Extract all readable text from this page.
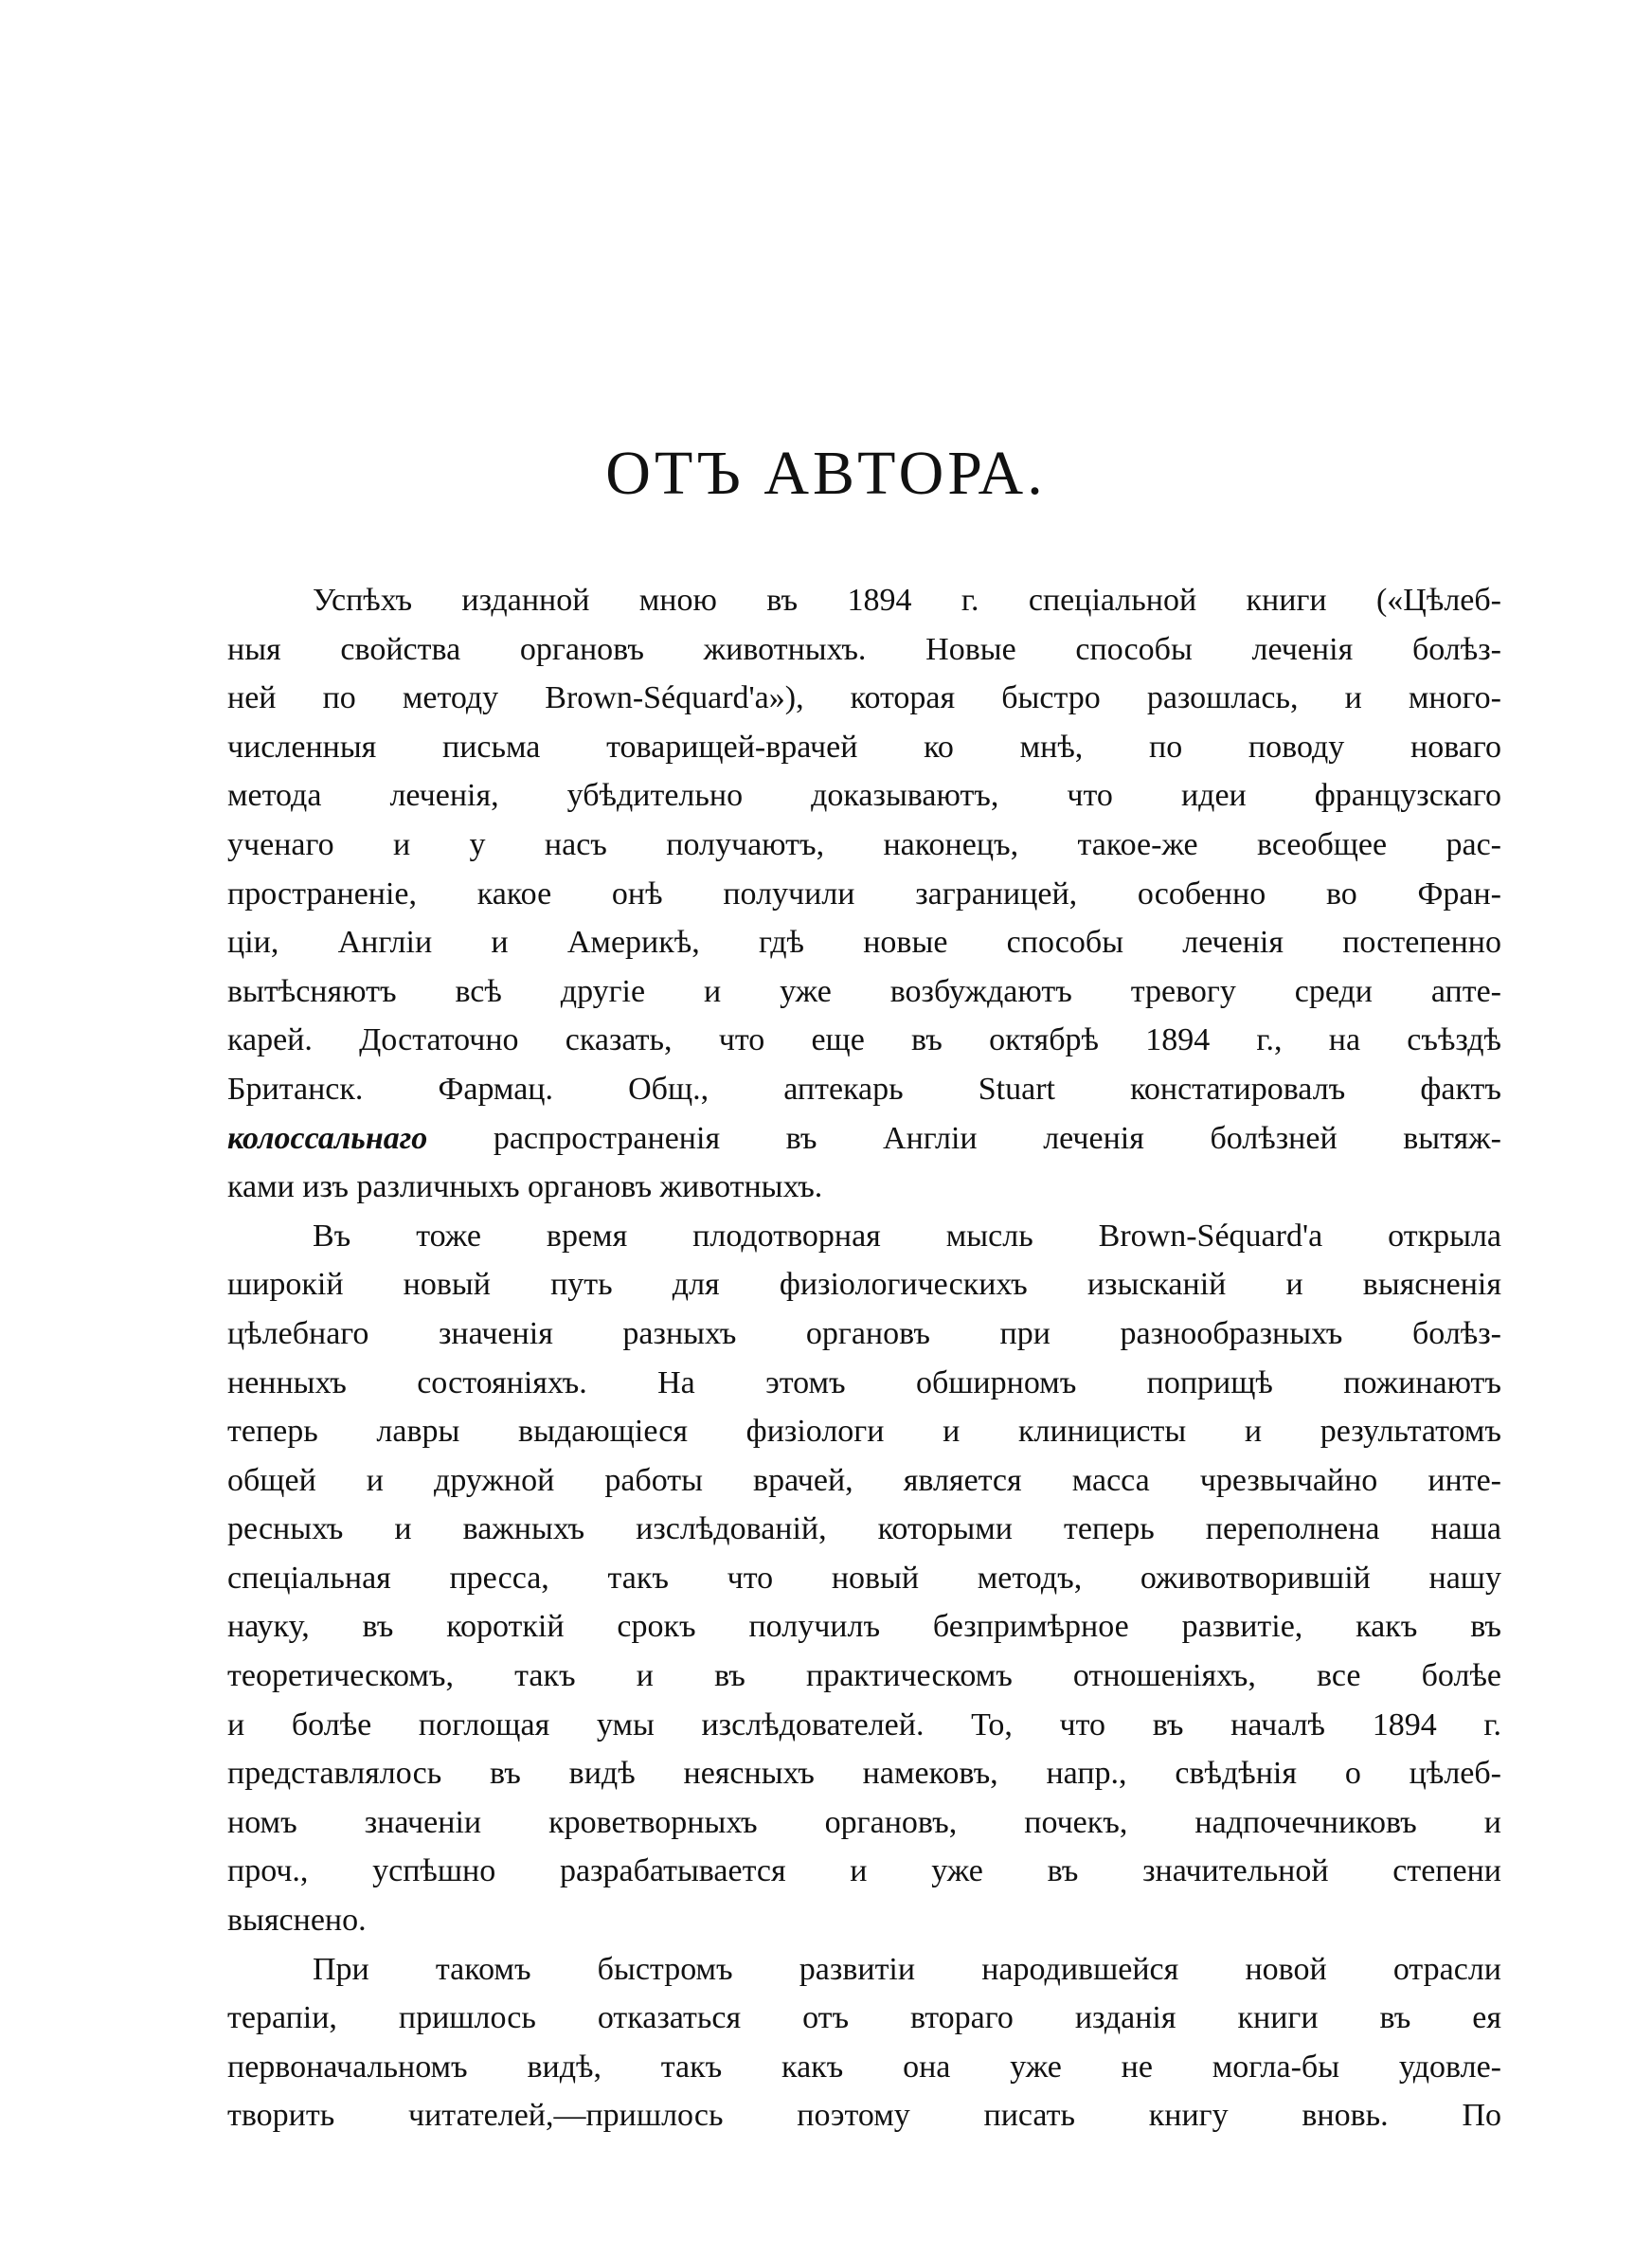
ОТЪ АВТОРА.
Успѣхъ изданной мною въ 1894 г. спеціальной книги («Цѣлеб-
ныя свойства органовъ животныхъ. Новые способы леченія болѣз-
ней по методу Brown-Séquard'a»), которая быстро разошлась, и много-
численныя письма товарищей-врачей ко мнѣ, по поводу новаго
метода леченія, убѣдительно доказываютъ, что идеи французскаго
ученаго и у насъ получаютъ, наконецъ, такое-же всеобщее рас-
пространеніе, какое онѣ получили заграницей, особенно во Фран-
ціи, Англіи и Америкѣ, гдѣ новые способы леченія постепенно
вытѣсняютъ всѣ другіе и уже возбуждаютъ тревогу среди апте-
карей. Достаточно сказать, что еще въ октябрѣ 1894 г., на съѣздѣ
Британск. Фармац. Общ., аптекарь Stuart констатировалъ фактъ
колоссальнаго распространенія въ Англіи леченія болѣзней вытяж-
ками изъ различныхъ органовъ животныхъ.
Въ тоже время плодотворная мысль Brown-Séquard'a открыла
широкій новый путь для физіологическихъ изысканій и выясненія
цѣлебнаго значенія разныхъ органовъ при разнообразныхъ болѣз-
ненныхъ состояніяхъ. На этомъ обширномъ поприщѣ пожинаютъ
теперь лавры выдающіеся физіологи и клиницисты и результатомъ
общей и дружной работы врачей, является масса чрезвычайно инте-
ресныхъ и важныхъ изслѣдованій, которыми теперь переполнена наша
спеціальная пресса, такъ что новый методъ, оживотворившій нашу
науку, въ короткій срокъ получилъ безпримѣрное развитіе, какъ въ
теоретическомъ, такъ и въ практическомъ отношеніяхъ, все болѣе
и болѣе поглощая умы изслѣдователей. То, что въ началѣ 1894 г.
представлялось въ видѣ неясныхъ намековъ, напр., свѣдѣнія о цѣлеб-
номъ значеніи кроветворныхъ органовъ, почекъ, надпочечниковъ и
проч., успѣшно разрабатывается и уже въ значительной степени
выяснено.
При такомъ быстромъ развитіи народившейся новой отрасли
терапіи, пришлось отказаться отъ втораго изданія книги въ ея
первоначальномъ видѣ, такъ какъ она уже не могла-бы удовле-
творить читателей,—пришлось поэтому писать книгу вновь. По
